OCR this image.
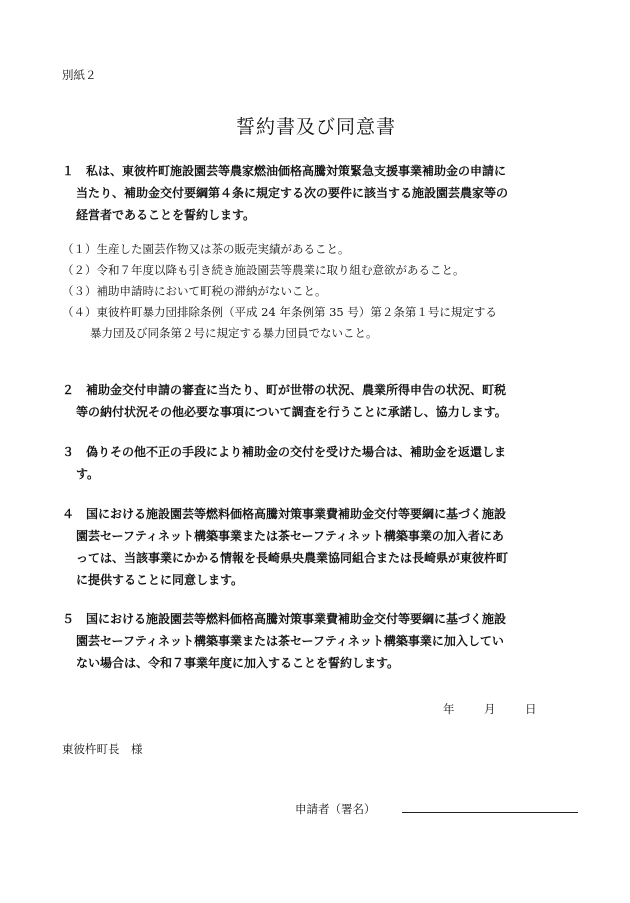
別紙２
誓約書及び同意書
１　私は、東彼杵町施設園芸等農家燃油価格高騰対策緊急支援事業補助金の申請に
当たり、補助金交付要綱第４条に規定する次の要件に該当する施設園芸農家等の
経営者であることを誓約します。
（１）生産した園芸作物又は茶の販売実績があること。
（２）令和７年度以降も引き続き施設園芸等農業に取り組む意欲があること。
（３）補助申請時において町税の滞納がないこと。
（４）東彼杵町暴力団排除条例（平成 24 年条例第 35 号）第２条第１号に規定する
暴力団及び同条第２号に規定する暴力団員でないこと。
２　補助金交付申請の審査に当たり、町が世帯の状況、農業所得申告の状況、町税
等の納付状況その他必要な事項について調査を行うことに承諾し、協力します。
３　偽りその他不正の手段により補助金の交付を受けた場合は、補助金を返還しま
す。
４　国における施設園芸等燃料価格高騰対策事業費補助金交付等要綱に基づく施設
園芸セーフティネット構築事業または茶セーフティネット構築事業の加入者にあ
っては、当該事業にかかる情報を長崎県央農業協同組合または長崎県が東彼杵町
に提供することに同意します。
５　国における施設園芸等燃料価格高騰対策事業費補助金交付等要綱に基づく施設
園芸セーフティネット構築事業または茶セーフティネット構築事業に加入してい
ない場合は、令和７事業年度に加入することを誓約します。
年	月	日
東彼杵町長　様
申請者（署名）
